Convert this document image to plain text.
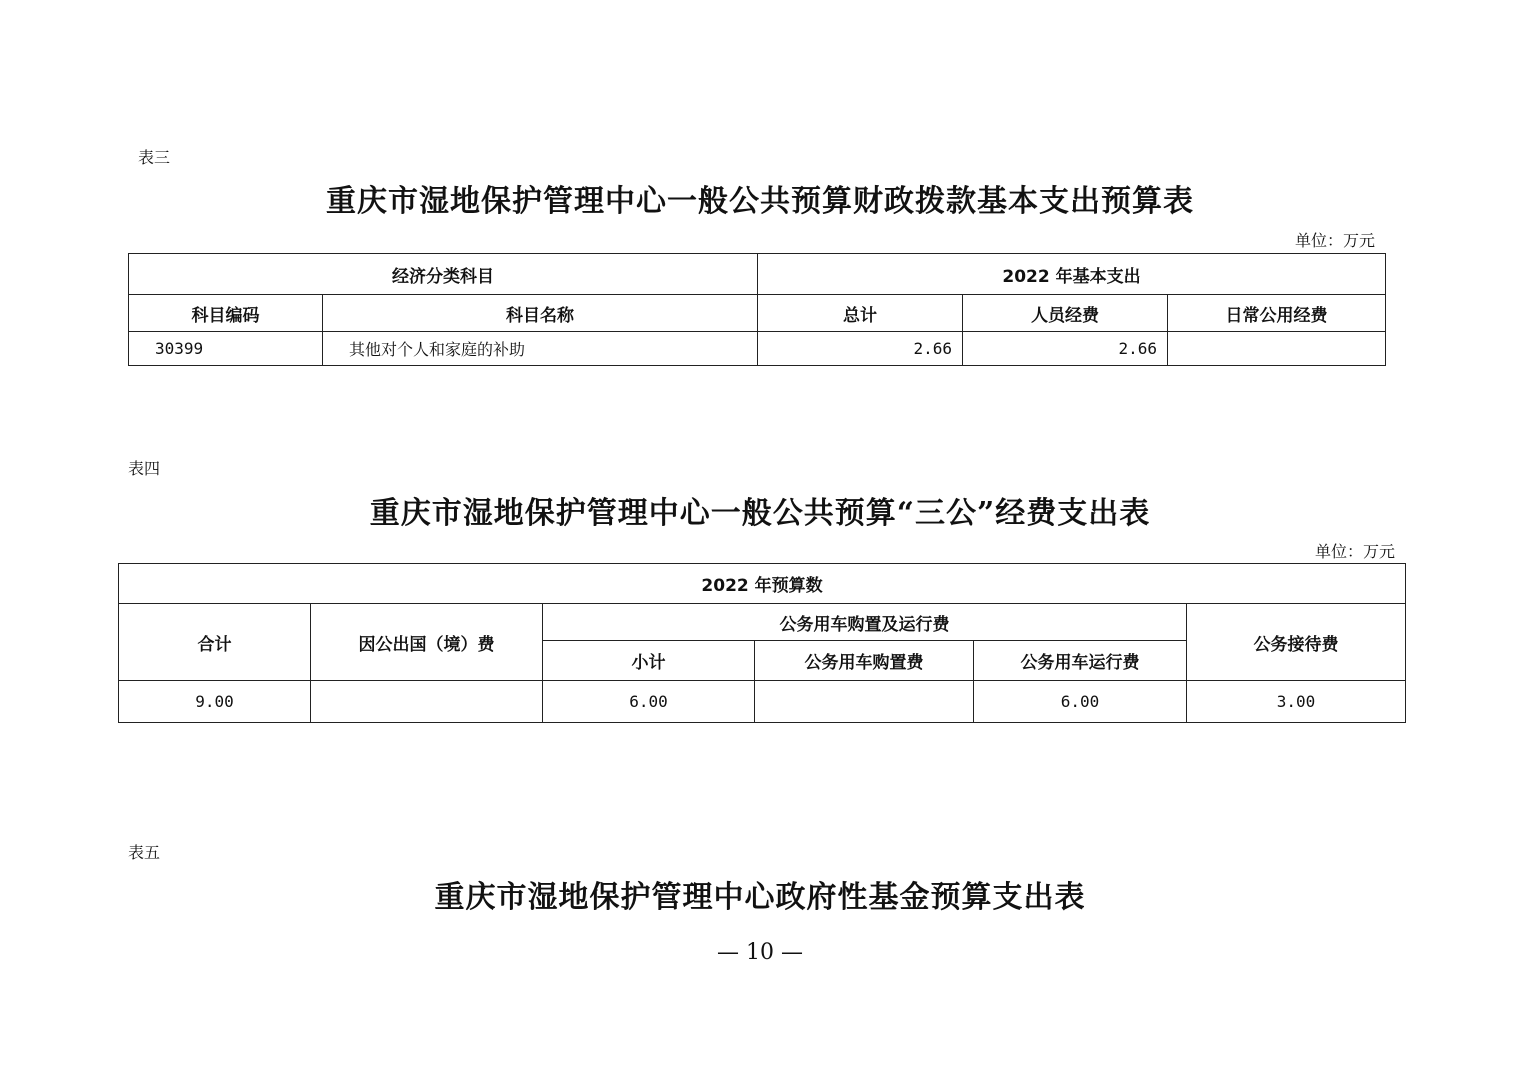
表三
重庆市湿地保护管理中心一般公共预算财政拨款基本支出预算表
单位：万元
经济分类科目		2022 年基本支出		
科目编码	科目名称	总计	人员经费	日常公用经费
30399	其他对个人和家庭的补助	2.66	2.66	
表四
重庆市湿地保护管理中心一般公共预算“三公”经费支出表
单位：万元
2022 年预算数					
合计	因公出国（境）费	公务用车购置及运行费			公务接待费
		小计	公务用车购置费	公务用车运行费	
9.00		6.00		6.00	3.00
表五
重庆市湿地保护管理中心政府性基金预算支出表
— 10 —
